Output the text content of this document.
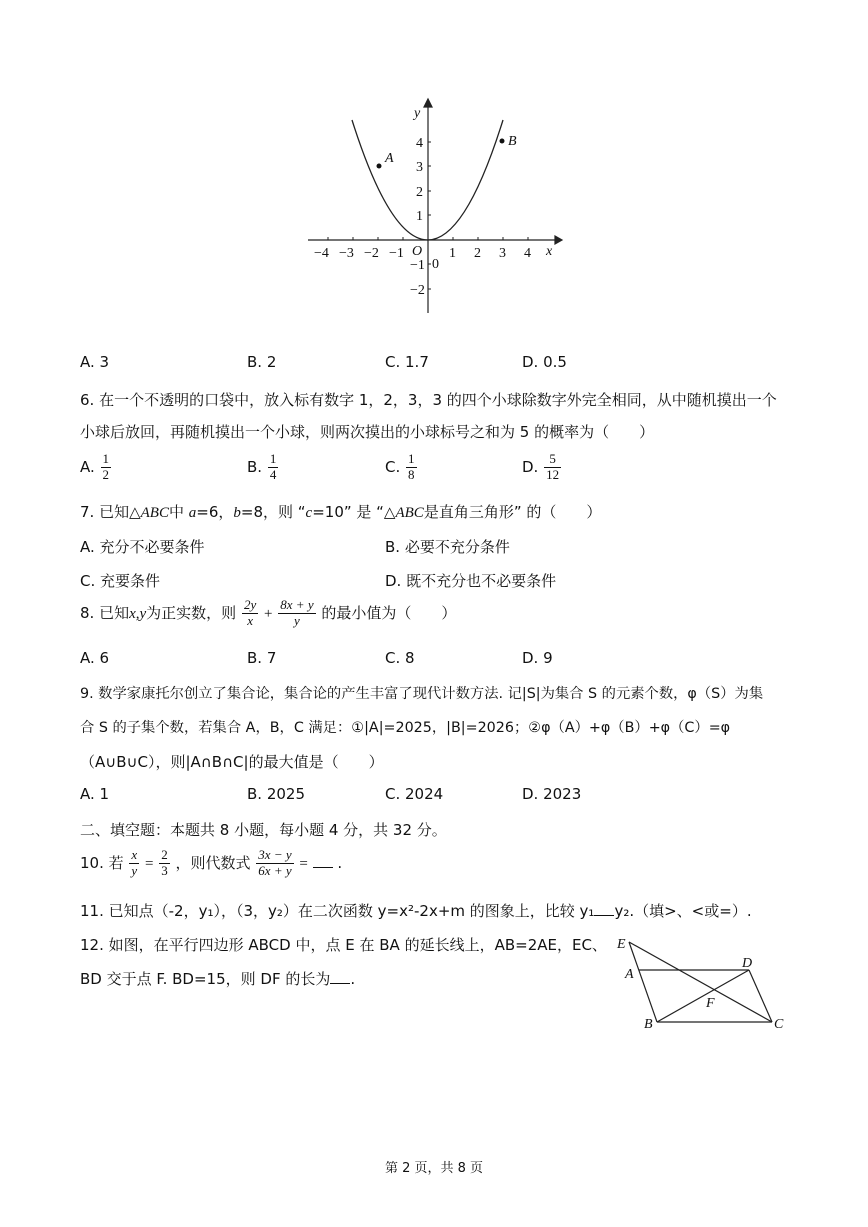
y
x
O
A
B
−4 −3 −2 −1	1 2 3 4
4
3
2
1
0
−1
−2
A. 3	B. 2	C. 1.7	D. 0.5
6. 在一个不透明的口袋中，放入标有数字 1，2，3，3 的四个小球除数字外完全相同，从中随机摸出一个
小球后放回，再随机摸出一个小球，则两次摸出的小球标号之和为 5 的概率为（　　）
A. $\frac{1}{2}$	B. $\frac{1}{4}$	C. $\frac{1}{8}$	D. $\frac{5}{12}$
7. 已知△ABC中 a=6，b=8，则 “c=10” 是 “△ABC是直角三角形” 的（　　）
A. 充分不必要条件	B. 必要不充分条件
C. 充要条件	D. 既不充分也不必要条件
8. 已知x,y为正实数，则 $\frac{2y}{x} + \frac{8x + y}{y}$ 的最小值为（　　）
A. 6	B. 7	C. 8	D. 9
9. 数学家康托尔创立了集合论，集合论的产生丰富了现代计数方法. 记|S|为集合 S 的元素个数，φ（S）为集
合 S 的子集个数，若集合 A，B，C 满足：①|A|=2025，|B|=2026；②φ（A）+φ（B）+φ（C）=φ
（A∪B∪C），则|A∩B∩C|的最大值是（　　）
A. 1	B. 2025	C. 2024	D. 2023
二、填空题：本题共 8 小题，每小题 4 分，共 32 分。
10. 若 $\frac{x}{y} = \frac{2}{3}$ ，则代数式 $\frac{3x - y}{6x + y}$ = .
11. 已知点（-2，y₁），（3，y₂）在二次函数 y=x²-2x+m 的图象上，比较 y₁ y₂.（填>、<或=）.
12. 如图，在平行四边形 ABCD 中，点 E 在 BA 的延长线上，AB=2AE，EC、
BD 交于点 F. BD=15，则 DF 的长为 .
E
A
D
F
B	C
第 2 页，共 8 页
